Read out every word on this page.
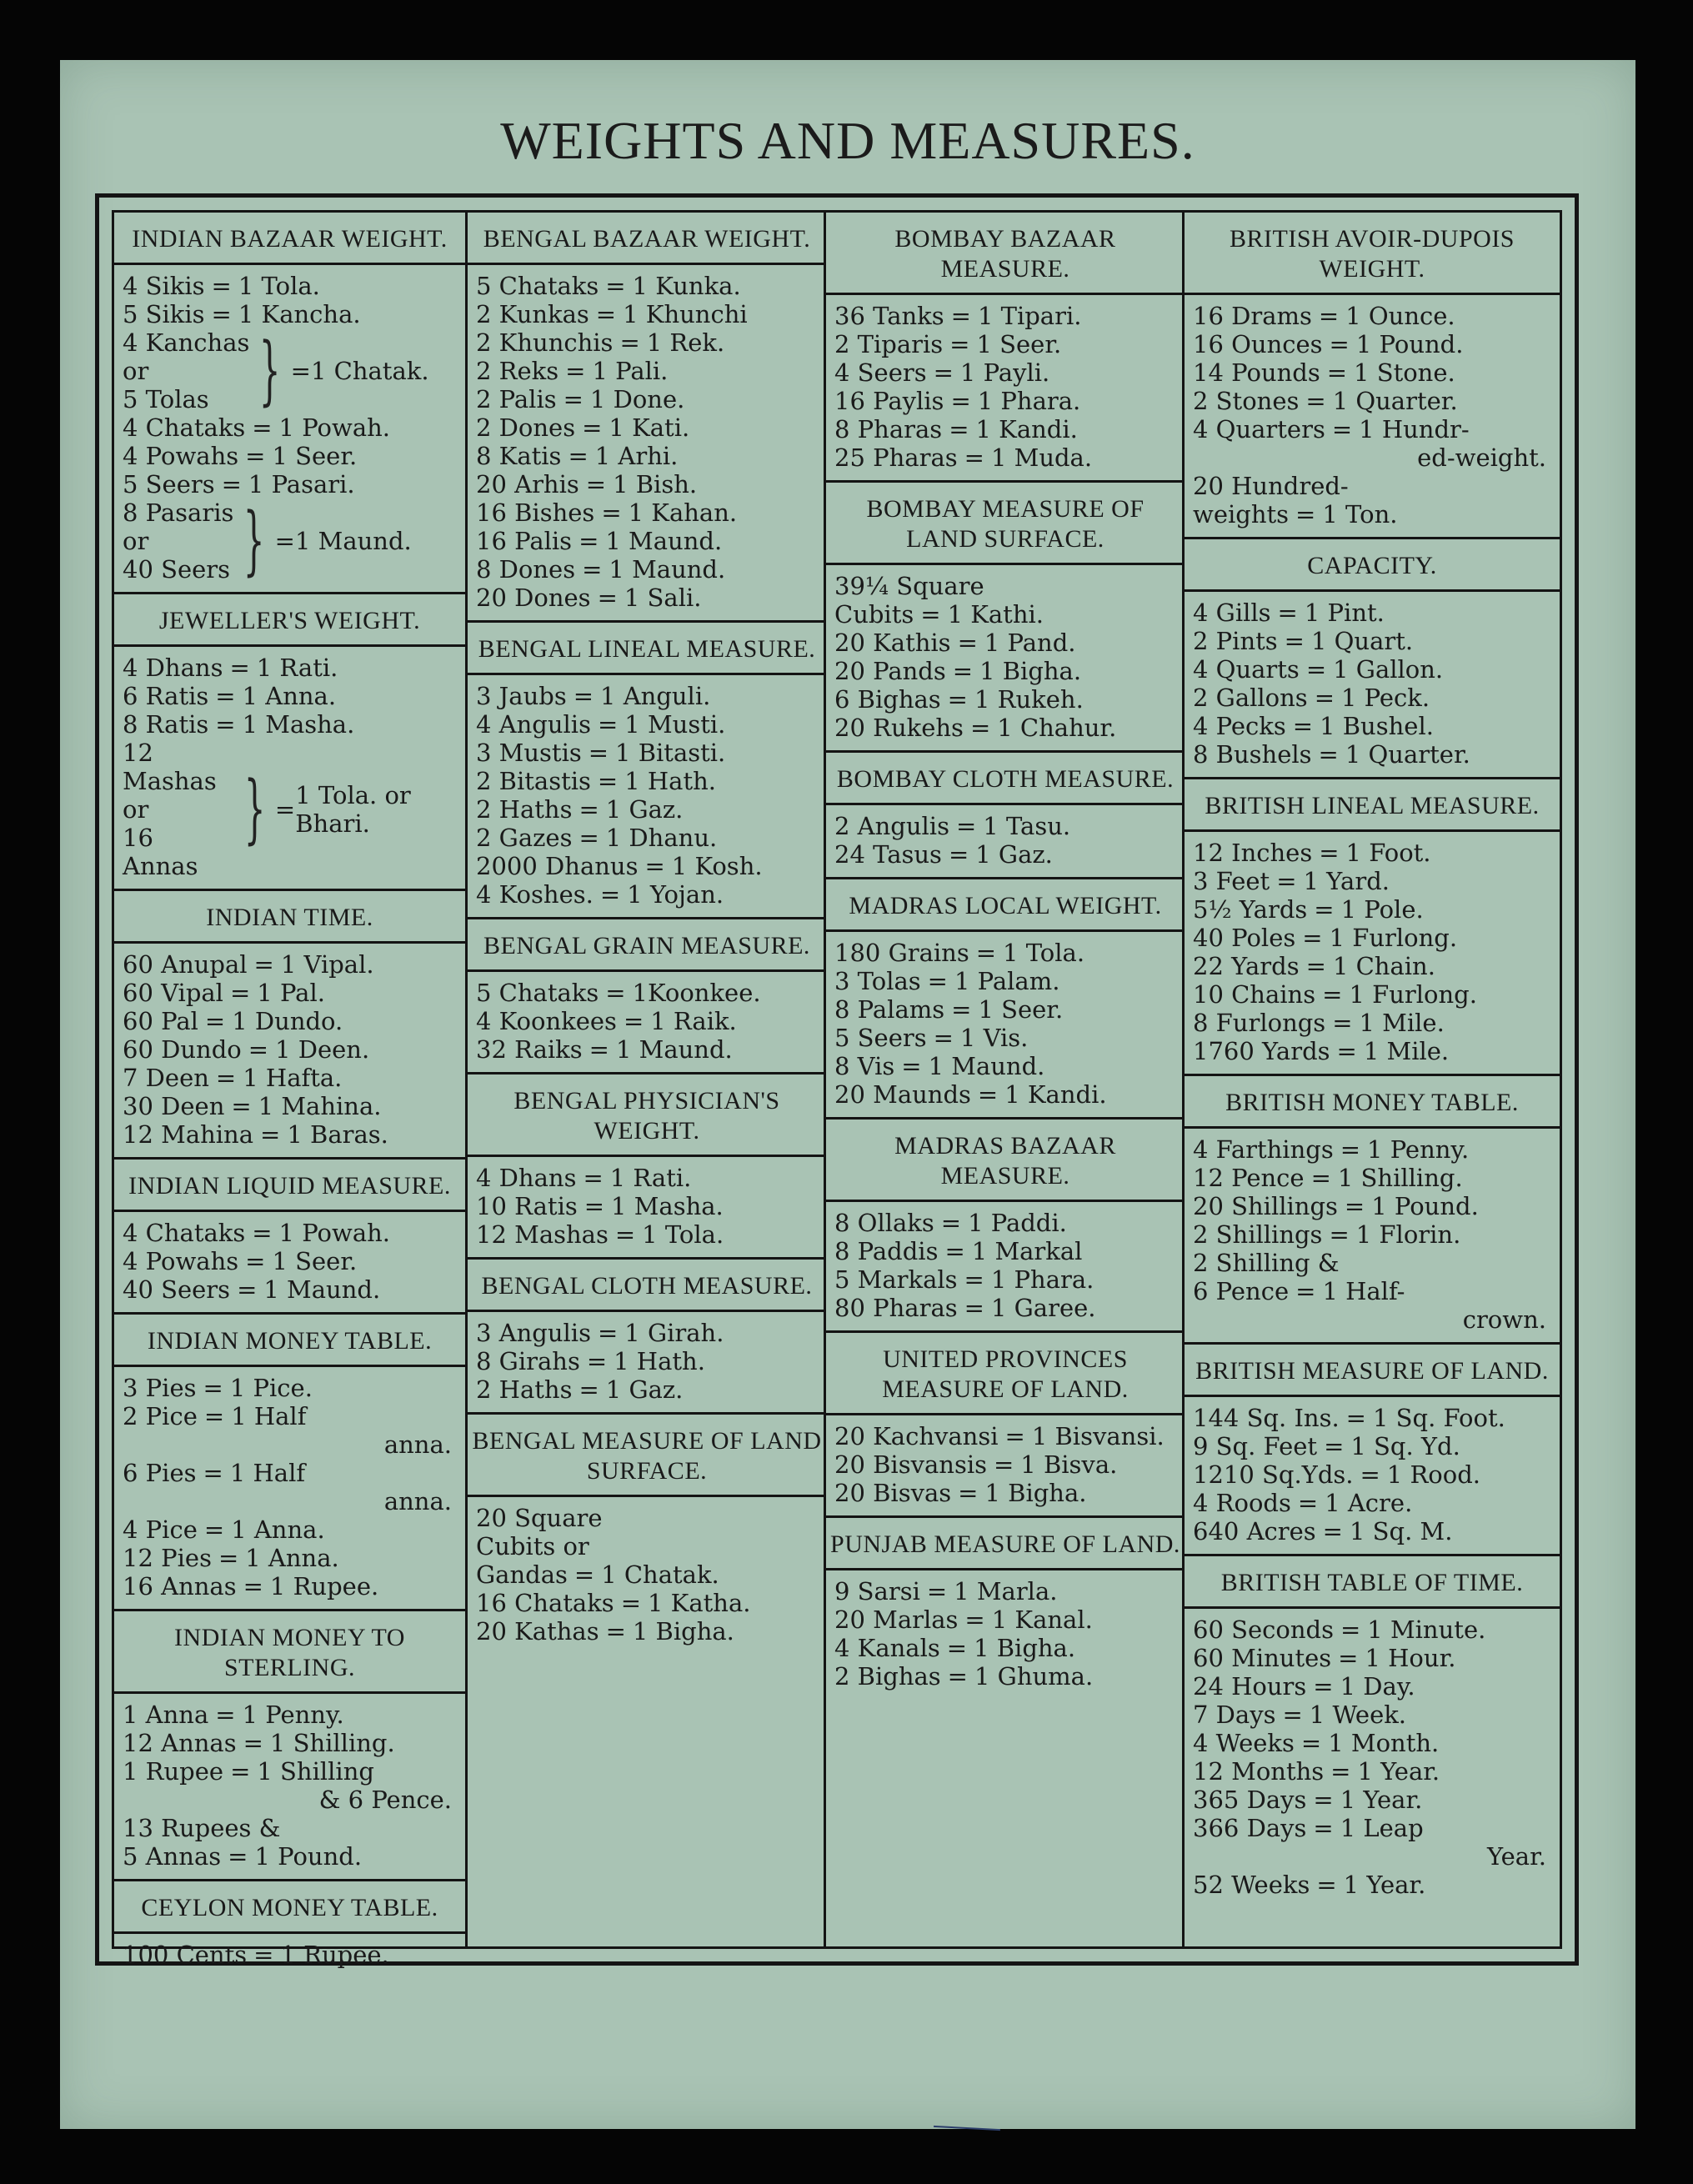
WEIGHTS AND MEASURES.
INDIAN BAZAAR WEIGHT.
4 Sikis = 1 Tola.
5 Sikis = 1 Kancha.
4 Kanchas
or
5 Tolas } = 1 Chatak.
4 Chataks = 1 Powah.
4 Powahs = 1 Seer.
5 Seers = 1 Pasari.
8 Pasaris
or
40 Seers } = 1 Maund.
JEWELLER'S WEIGHT.
4 Dhans = 1 Rati.
6 Ratis = 1 Anna.
8 Ratis = 1 Masha.
12 Mashas
or
16 Annas
} = 1 Tola. or Bhari.
INDIAN TIME.
60 Anupal = 1 Vipal.
60 Vipal = 1 Pal.
60 Pal = 1 Dundo.
60 Dundo = 1 Deen.
7 Deen = 1 Hafta.
30 Deen = 1 Mahina.
12 Mahina = 1 Baras.
INDIAN LIQUID MEASURE.
4 Chataks = 1 Powah.
4 Powahs = 1 Seer.
40 Seers = 1 Maund.
INDIAN MONEY TABLE.
3 Pies = 1 Pice.
2 Pice = 1 Half
anna.
6 Pies = 1 Half
anna.
4 Pice = 1 Anna.
12 Pies = 1 Anna.
16 Annas = 1 Rupee.
INDIAN MONEY TO STERLING.
1 Anna = 1 Penny.
12 Annas = 1 Shilling.
1 Rupee = 1 Shilling
& 6 Pence.
13 Rupees &
5 Annas = 1 Pound.
CEYLON MONEY TABLE.
100 Cents = 1 Rupee.
BENGAL BAZAAR WEIGHT.
5 Chataks = 1 Kunka.
2 Kunkas = 1 Khunchi
2 Khunchis = 1 Rek.
2 Reks = 1 Pali.
2 Palis = 1 Done.
2 Dones = 1 Kati.
8 Katis = 1 Arhi.
20 Arhis = 1 Bish.
16 Bishes = 1 Kahan.
16 Palis = 1 Maund.
8 Dones = 1 Maund.
20 Dones = 1 Sali.
BENGAL LINEAL MEASURE.
3 Jaubs = 1 Anguli.
4 Angulis = 1 Musti.
3 Mustis = 1 Bitasti.
2 Bitastis = 1 Hath.
2 Haths = 1 Gaz.
2 Gazes = 1 Dhanu.
2000 Dhanus = 1 Kosh.
4 Koshes. = 1 Yojan.
BENGAL GRAIN MEASURE.
5 Chataks = 1Koonkee.
4 Koonkees = 1 Raik.
32 Raiks = 1 Maund.
BENGAL PHYSICIAN'S WEIGHT.
4 Dhans = 1 Rati.
10 Ratis = 1 Masha.
12 Mashas = 1 Tola.
BENGAL CLOTH MEASURE.
3 Angulis = 1 Girah.
8 Girahs = 1 Hath.
2 Haths = 1 Gaz.
BENGAL MEASURE OF LAND SURFACE.
20 Square
Cubits or
Gandas = 1 Chatak.
16 Chataks = 1 Katha.
20 Kathas = 1 Bigha.
BOMBAY BAZAAR MEASURE.
36 Tanks = 1 Tipari.
2 Tiparis = 1 Seer.
4 Seers = 1 Payli.
16 Paylis = 1 Phara.
8 Pharas = 1 Kandi.
25 Pharas = 1 Muda.
BOMBAY MEASURE OF LAND SURFACE.
39¼ Square
Cubits = 1 Kathi.
20 Kathis = 1 Pand.
20 Pands = 1 Bigha.
6 Bighas = 1 Rukeh.
20 Rukehs = 1 Chahur.
BOMBAY CLOTH MEASURE.
2 Angulis = 1 Tasu.
24 Tasus = 1 Gaz.
MADRAS LOCAL WEIGHT.
180 Grains = 1 Tola.
3 Tolas = 1 Palam.
8 Palams = 1 Seer.
5 Seers = 1 Vis.
8 Vis = 1 Maund.
20 Maunds = 1 Kandi.
MADRAS BAZAAR MEASURE.
8 Ollaks = 1 Paddi.
8 Paddis = 1 Markal
5 Markals = 1 Phara.
80 Pharas = 1 Garee.
UNITED PROVINCES MEASURE OF LAND.
20 Kachvansi = 1 Bisvansi.
20 Bisvansis = 1 Bisva.
20 Bisvas = 1 Bigha.
PUNJAB MEASURE OF LAND.
9 Sarsi = 1 Marla.
20 Marlas = 1 Kanal.
4 Kanals = 1 Bigha.
2 Bighas = 1 Ghuma.
BRITISH AVOIR-DUPOIS WEIGHT.
16 Drams = 1 Ounce.
16 Ounces = 1 Pound.
14 Pounds = 1 Stone.
2 Stones = 1 Quarter.
4 Quarters = 1 Hundr-
ed-weight.
20 Hundred-
weights = 1 Ton.
CAPACITY.
4 Gills = 1 Pint.
2 Pints = 1 Quart.
4 Quarts = 1 Gallon.
2 Gallons = 1 Peck.
4 Pecks = 1 Bushel.
8 Bushels = 1 Quarter.
BRITISH LINEAL MEASURE.
12 Inches = 1 Foot.
3 Feet = 1 Yard.
5½ Yards = 1 Pole.
40 Poles = 1 Furlong.
22 Yards = 1 Chain.
10 Chains = 1 Furlong.
8 Furlongs = 1 Mile.
1760 Yards = 1 Mile.
BRITISH MONEY TABLE.
4 Farthings = 1 Penny.
12 Pence = 1 Shilling.
20 Shillings = 1 Pound.
2 Shillings = 1 Florin.
2 Shilling &
6 Pence = 1 Half-
crown.
BRITISH MEASURE OF LAND.
144 Sq. Ins. = 1 Sq. Foot.
9 Sq. Feet = 1 Sq. Yd.
1210 Sq.Yds. = 1 Rood.
4 Roods = 1 Acre.
640 Acres = 1 Sq. M.
BRITISH TABLE OF TIME.
60 Seconds = 1 Minute.
60 Minutes = 1 Hour.
24 Hours = 1 Day.
7 Days = 1 Week.
4 Weeks = 1 Month.
12 Months = 1 Year.
365 Days = 1 Year.
366 Days = 1 Leap
Year.
52 Weeks = 1 Year.
